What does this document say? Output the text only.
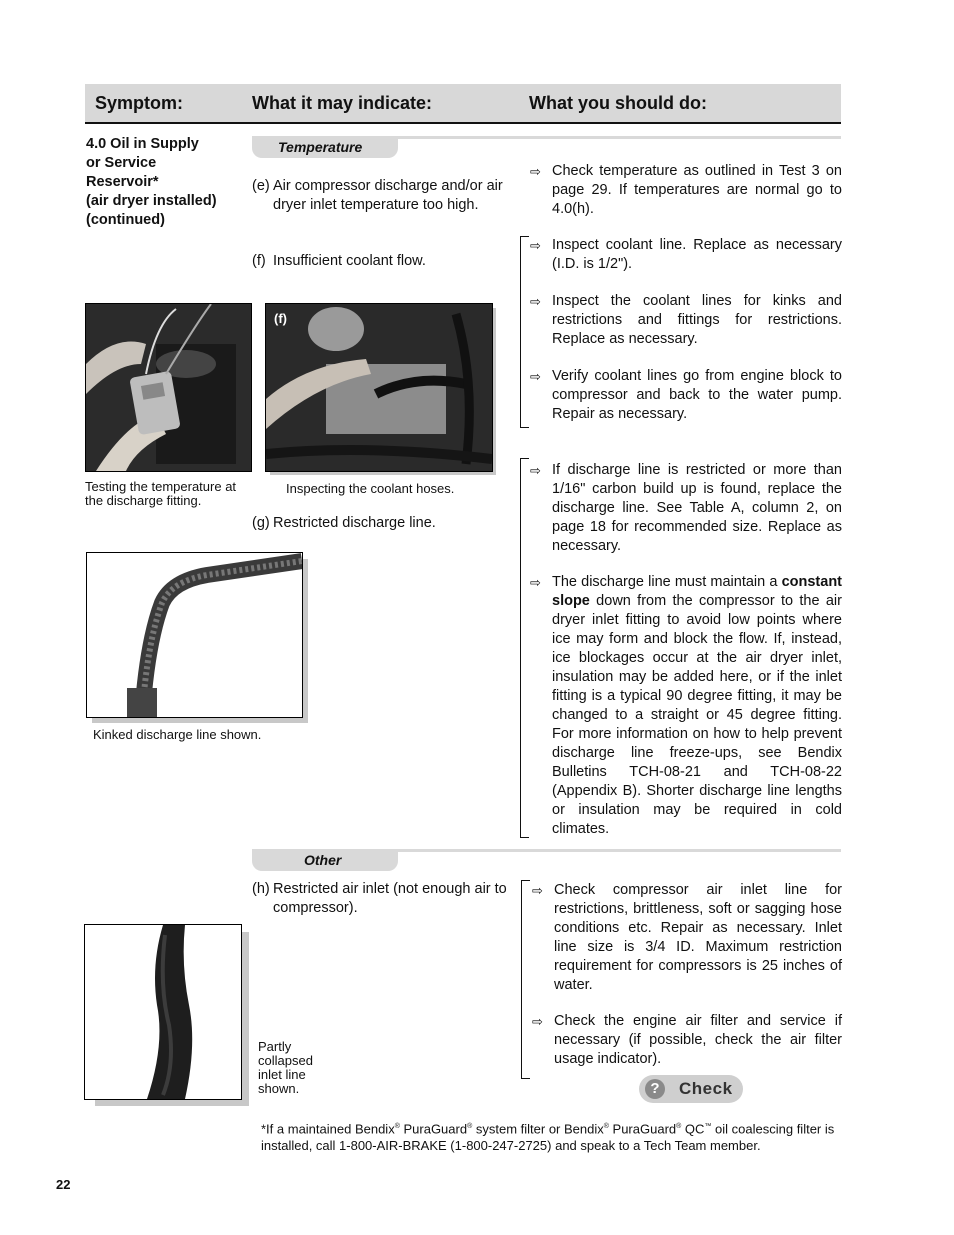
Symptom:	What it may indicate:	What you should do:
4.0 Oil in Supply
or Service
Reservoir*
(air dryer installed)
(continued)
Temperature
(e) Air compressor discharge and/or air dryer inlet temperature too high.
⇨ Check temperature as outlined in Test 3 on page 29. If temperatures are normal go to 4.0(h).
(f) Insufficient coolant flow.
⇨ Inspect coolant line. Replace as necessary (I.D. is 1/2").
⇨ Inspect the coolant lines for kinks and restrictions and fittings for restrictions. Replace as necessary.
⇨ Verify coolant lines go from engine block to compressor and back to the water pump. Repair as necessary.
Testing the temperature at the discharge fitting.
(f)
Inspecting the coolant hoses.
(g) Restricted discharge line.
⇨ If discharge line is restricted or more than 1/16" carbon build up is found, replace the discharge line. See Table A, column 2, on page 18 for recommended size. Replace as necessary.
⇨ The discharge line must maintain a constant slope down from the compressor to the air dryer inlet fitting to avoid low points where ice may form and block the flow. If, instead, ice blockages occur at the air dryer inlet, insulation may be added here, or if the inlet fitting is a typical 90 degree fitting, it may be changed to a straight or 45 degree fitting. For more information on how to help prevent discharge line freeze-ups, see Bendix Bulletins TCH-08-21 and TCH-08-22 (Appendix B). Shorter discharge line lengths or insulation may be required in cold climates.
Kinked discharge line shown.
Other
(h) Restricted air inlet (not enough air to compressor).
⇨ Check compressor air inlet line for restrictions, brittleness, soft or sagging hose conditions etc. Repair as necessary. Inlet line size is 3/4 ID. Maximum restriction requirement for compressors is 25 inches of water.
⇨ Check the engine air filter and service if necessary (if possible, check the air filter usage indicator).
Partly collapsed inlet line shown.	?	Check
*If a maintained Bendix® PuraGuard® system filter or Bendix® PuraGuard® QC™ oil coalescing filter is installed, call 1-800-AIR-BRAKE (1-800-247-2725) and speak to a Tech Team member.
22
